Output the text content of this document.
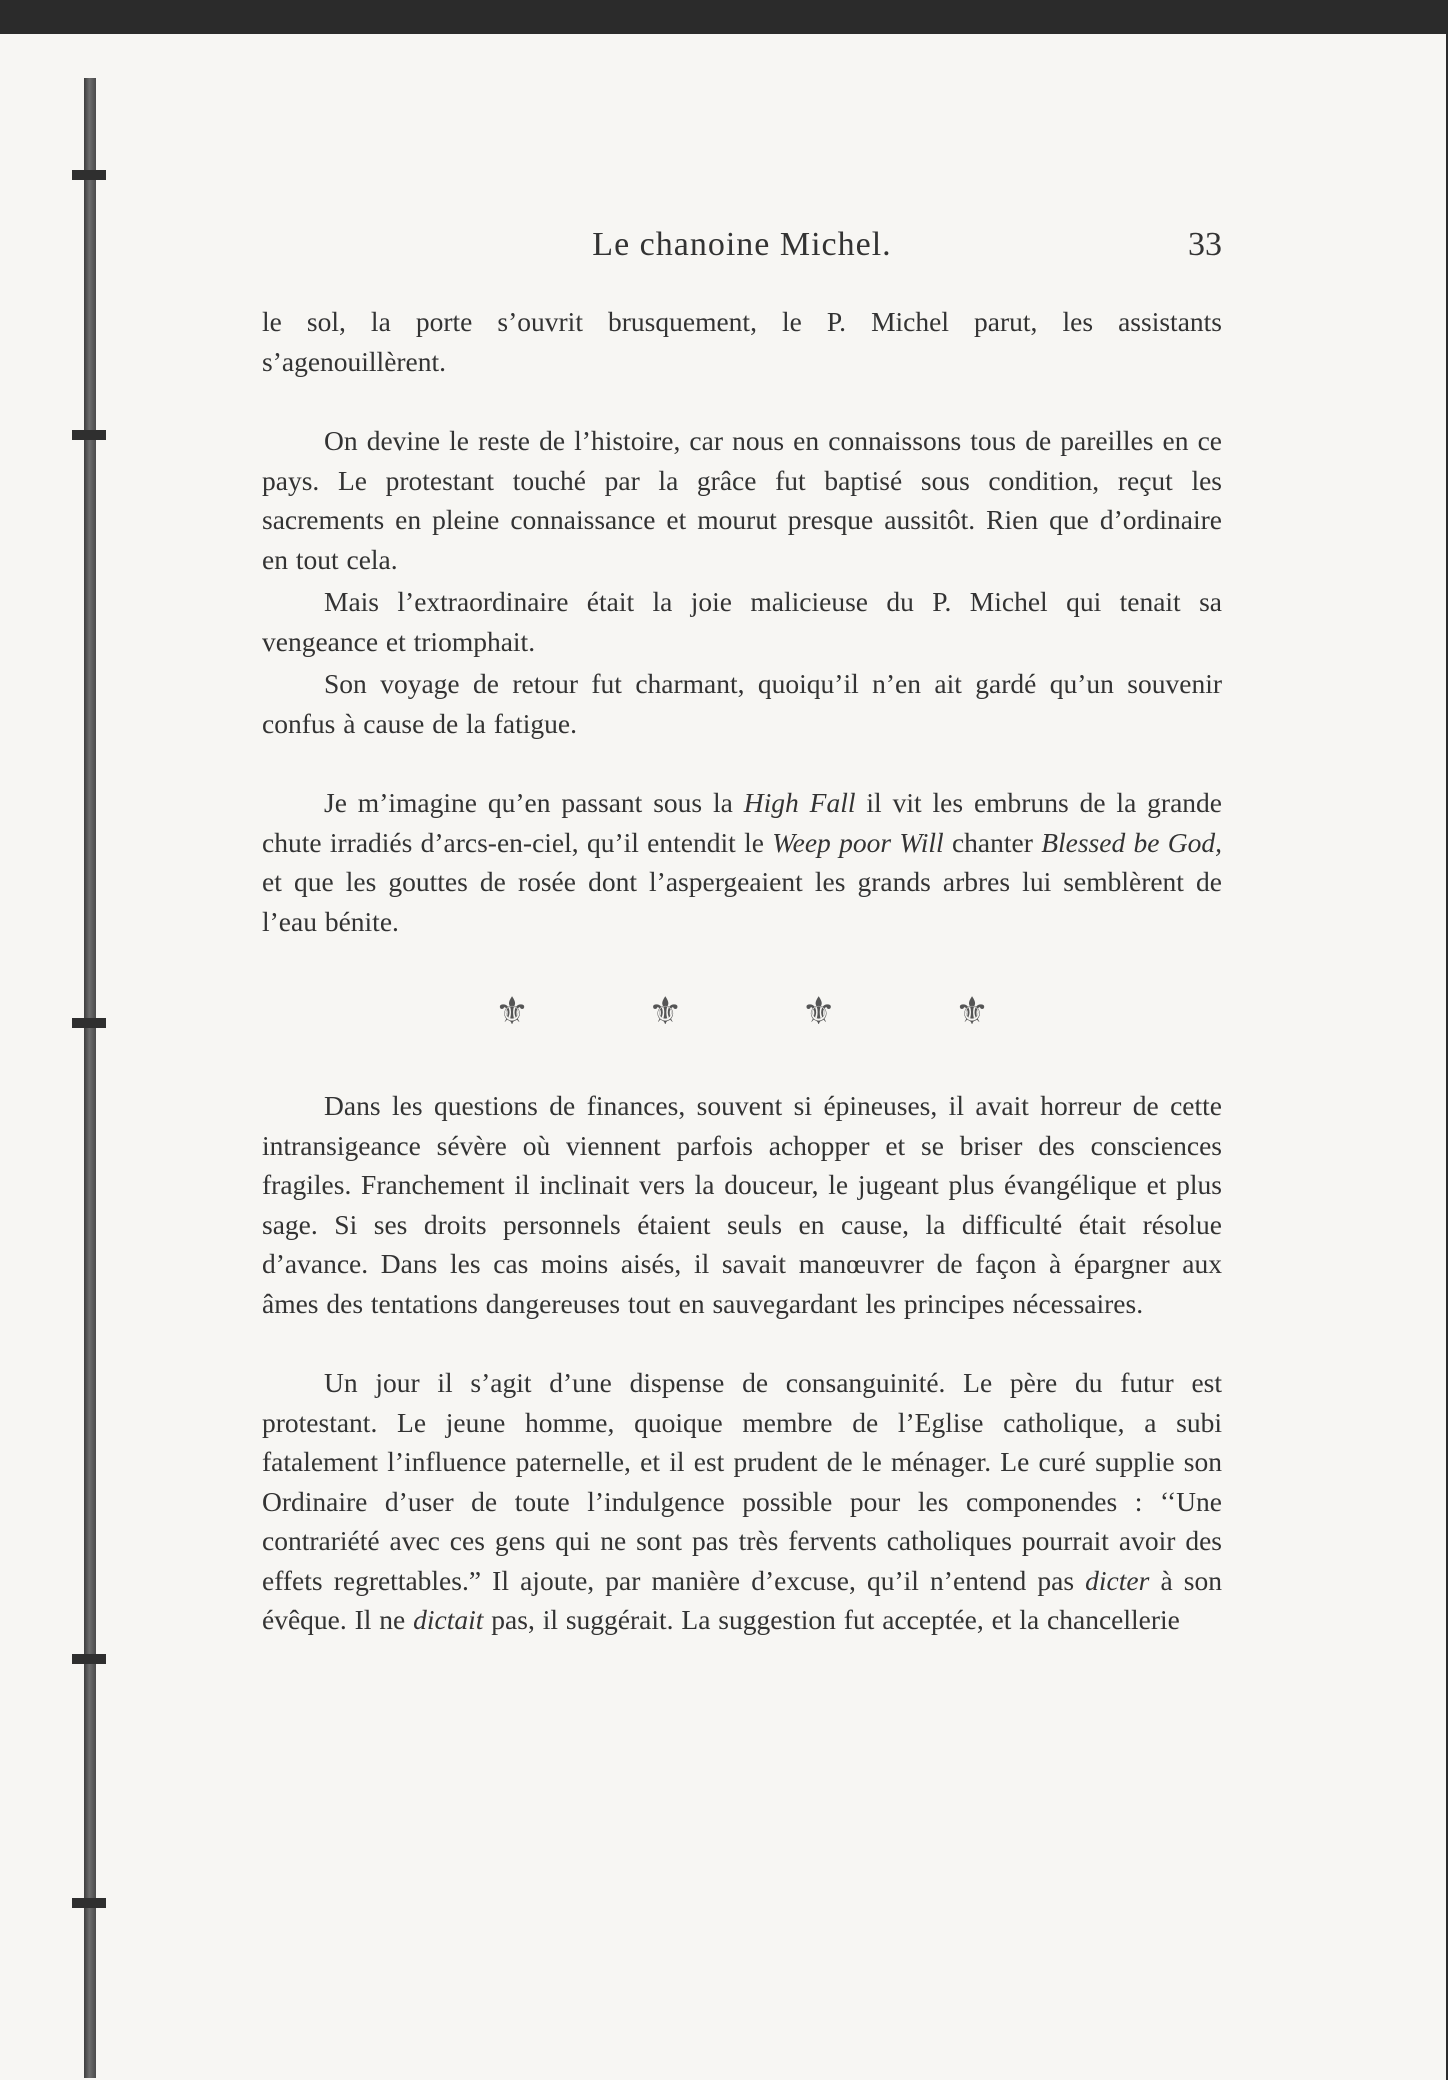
Le chanoine Michel.	33

le sol, la porte s’ouvrit brusquement, le P. Michel parut, les assistants s’agenouillèrent.

On devine le reste de l’histoire, car nous en connaissons tous de pareilles en ce pays. Le protestant touché par la grâce fut baptisé sous condition, reçut les sacrements en pleine connaissance et mourut presque aussitôt. Rien que d’ordinaire en tout cela.

Mais l’extraordinaire était la joie malicieuse du P. Michel qui tenait sa vengeance et triomphait.

Son voyage de retour fut charmant, quoiqu’il n’en ait gardé qu’un souvenir confus à cause de la fatigue.

Je m’imagine qu’en passant sous la High Fall il vit les embruns de la grande chute irradiés d’arcs-en-ciel, qu’il entendit le Weep poor Will chanter Blessed be God, et que les gouttes de rosée dont l’aspergeaient les grands arbres lui semblèrent de l’eau bénite.

⚜	⚜	⚜	⚜

Dans les questions de finances, souvent si épineuses, il avait horreur de cette intransigeance sévère où viennent parfois achopper et se briser des consciences fragiles. Franchement il inclinait vers la douceur, le jugeant plus évangélique et plus sage. Si ses droits personnels étaient seuls en cause, la difficulté était résolue d’avance. Dans les cas moins aisés, il savait manœuvrer de façon à épargner aux âmes des tentations dangereuses tout en sauvegardant les principes nécessaires.

Un jour il s’agit d’une dispense de consanguinité. Le père du futur est protestant. Le jeune homme, quoique membre de l’Eglise catholique, a subi fatalement l’influence paternelle, et il est prudent de le ménager. Le curé supplie son Ordinaire d’user de toute l’indulgence possible pour les componendes : ‘‘Une contrariété avec ces gens qui ne sont pas très fervents catholiques pourrait avoir des effets regrettables.” Il ajoute, par manière d’excuse, qu’il n’entend pas dicter à son évêque. Il ne dictait pas, il suggérait. La suggestion fut acceptée, et la chancellerie
